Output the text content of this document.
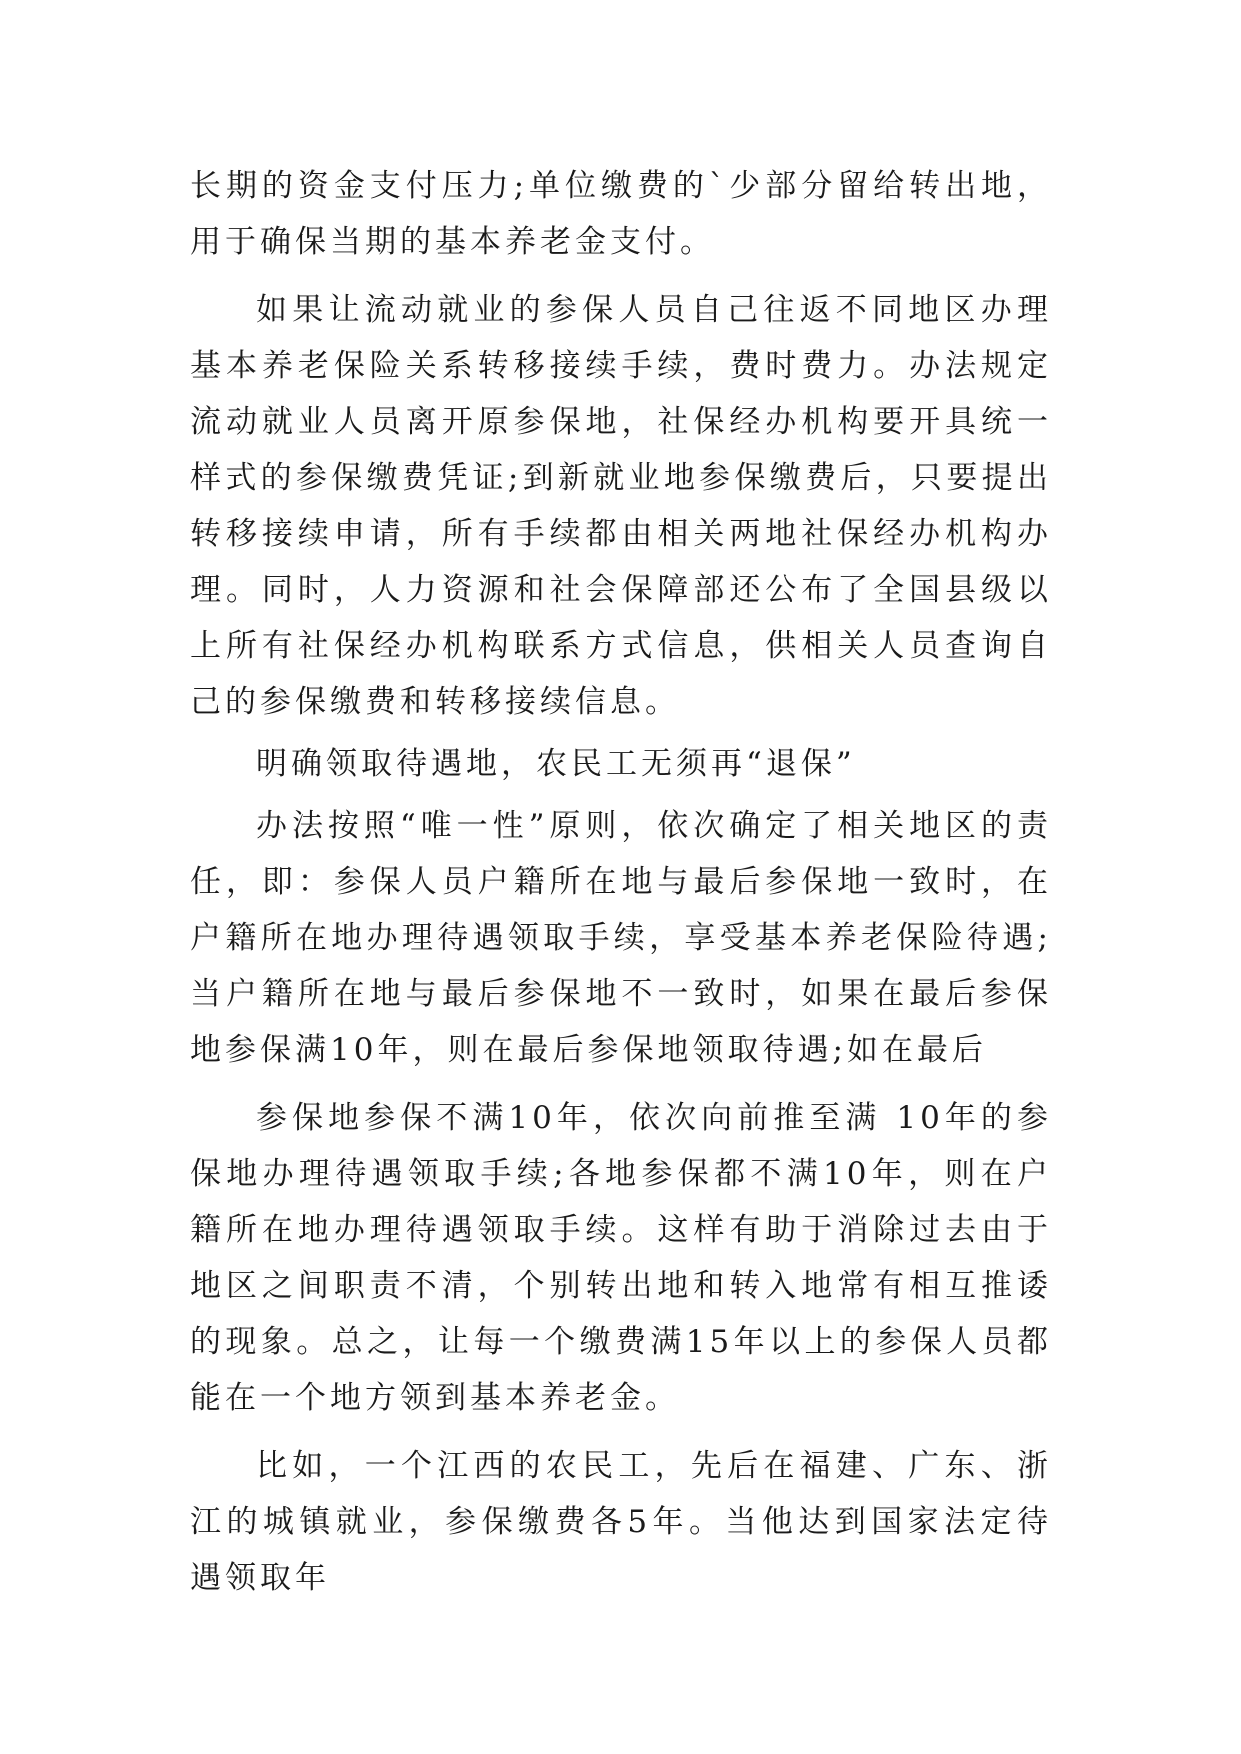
长期的资金支付压力;单位缴费的`少部分留给转出地，用于确保当期的基本养老金支付。

如果让流动就业的参保人员自己往返不同地区办理基本养老保险关系转移接续手续，费时费力。办法规定流动就业人员离开原参保地，社保经办机构要开具统一样式的参保缴费凭证;到新就业地参保缴费后，只要提出转移接续申请，所有手续都由相关两地社保经办机构办理。同时，人力资源和社会保障部还公布了全国县级以上所有社保经办机构联系方式信息，供相关人员查询自己的参保缴费和转移接续信息。

明确领取待遇地，农民工无须再“退保”

办法按照“唯一性”原则，依次确定了相关地区的责任，即：参保人员户籍所在地与最后参保地一致时，在户籍所在地办理待遇领取手续，享受基本养老保险待遇;当户籍所在地与最后参保地不一致时，如果在最后参保地参保满10年，则在最后参保地领取待遇;如在最后

参保地参保不满10年，依次向前推至满 10年的参保地办理待遇领取手续;各地参保都不满10年，则在户籍所在地办理待遇领取手续。这样有助于消除过去由于地区之间职责不清，个别转出地和转入地常有相互推诿的现象。总之，让每一个缴费满15年以上的参保人员都能在一个地方领到基本养老金。

比如，一个江西的农民工，先后在福建、广东、浙江的城镇就业，参保缴费各5年。当他达到国家法定待遇领取年
